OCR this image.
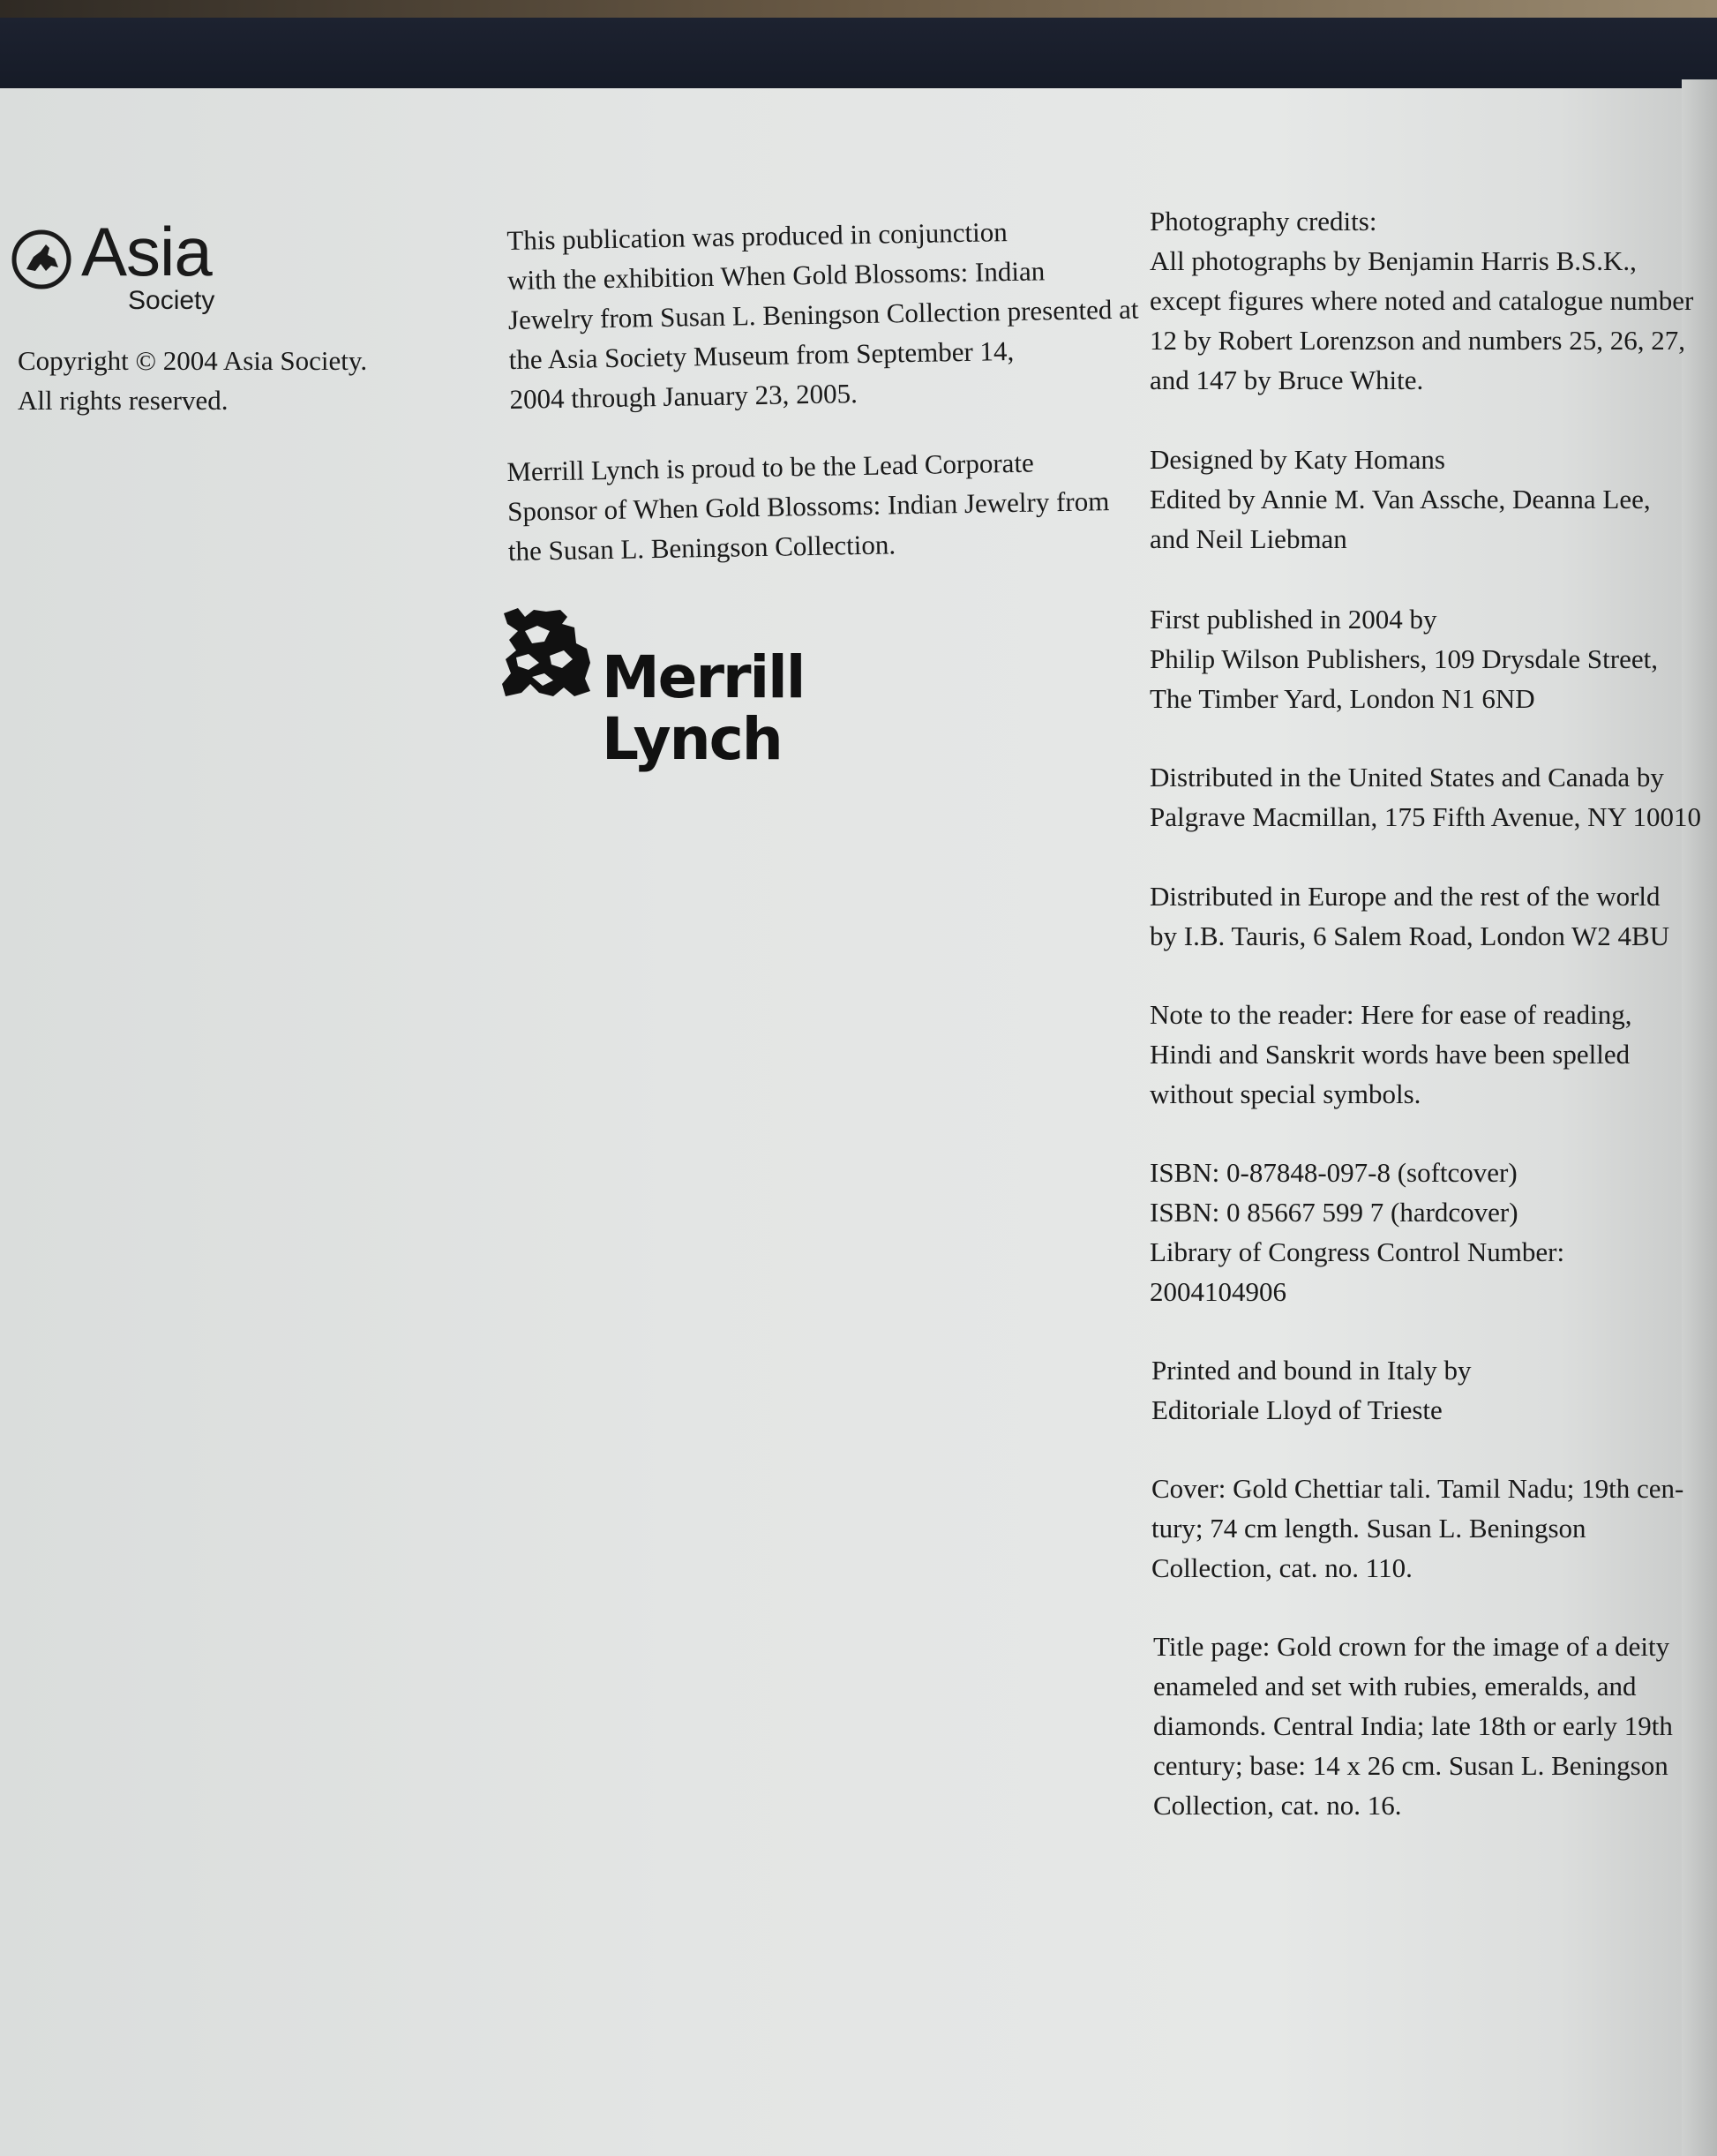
Asia
Society
Copyright © 2004 Asia Society.
All rights reserved.
This publication was produced in conjunction
with the exhibition When Gold Blossoms: Indian
Jewelry from Susan L. Beningson Collection presented at
the Asia Society Museum from September 14,
2004 through January 23, 2005.
Merrill Lynch is proud to be the Lead Corporate
Sponsor of When Gold Blossoms: Indian Jewelry from
the Susan L. Beningson Collection.
Merrill Lynch
Photography credits:
All photographs by Benjamin Harris B.S.K.,
except figures where noted and catalogue number
12 by Robert Lorenzson and numbers 25, 26, 27,
and 147 by Bruce White.
Designed by Katy Homans
Edited by Annie M. Van Assche, Deanna Lee,
and Neil Liebman
First published in 2004 by
Philip Wilson Publishers, 109 Drysdale Street,
The Timber Yard, London N1 6ND
Distributed in the United States and Canada by
Palgrave Macmillan, 175 Fifth Avenue, NY 10010
Distributed in Europe and the rest of the world
by I.B. Tauris, 6 Salem Road, London W2 4BU
Note to the reader: Here for ease of reading,
Hindi and Sanskrit words have been spelled
without special symbols.
ISBN: 0-87848-097-8 (softcover)
ISBN: 0 85667 599 7 (hardcover)
Library of Congress Control Number:
2004104906
Printed and bound in Italy by
Editoriale Lloyd of Trieste
Cover: Gold Chettiar tali. Tamil Nadu; 19th cen-
tury; 74 cm length. Susan L. Beningson
Collection, cat. no. 110.
Title page: Gold crown for the image of a deity
enameled and set with rubies, emeralds, and
diamonds. Central India; late 18th or early 19th
century; base: 14 x 26 cm. Susan L. Beningson
Collection, cat. no. 16.
